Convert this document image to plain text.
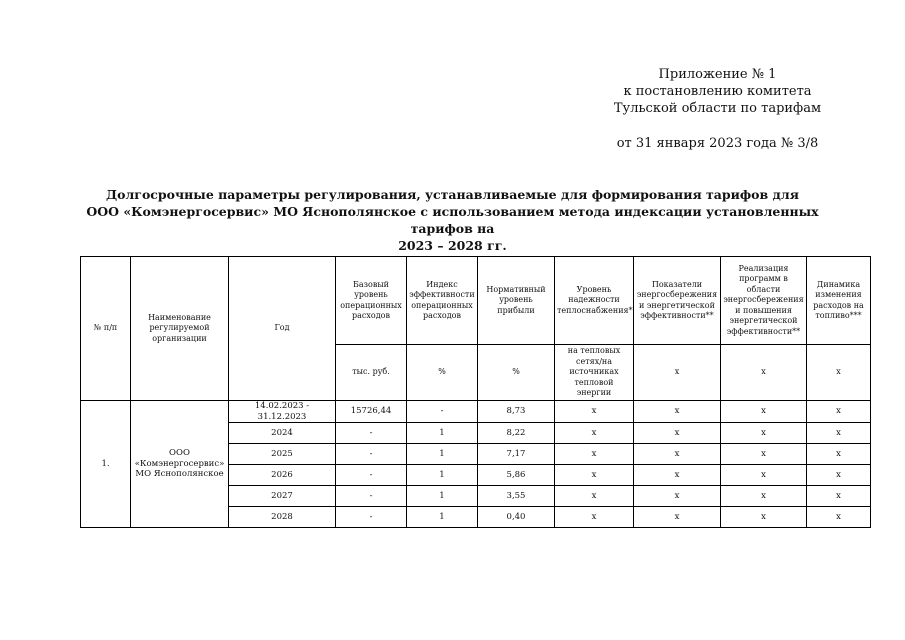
Приложение № 1
к постановлению комитета
Тульской области по тарифам
от 31 января 2023 года № 3/8
Долгосрочные параметры регулирования, устанавливаемые для формирования тарифов для
ООО «Комэнергосервис» МО Яснополянское с использованием метода индексации установленных тарифов на
2023 – 2028 гг.
№ п/п	Наименование регулируемой организации	Год	Базовый уровень операционных расходов	Индекс эффективности операционных расходов	Нормативный уровень прибыли	Уровень надежности теплоснабжения*	Показатели энергосбережения и энергетической эффективности**	Реализация программ в области энергосбережения и повышения энергетической эффективности**	Динамика изменения расходов на топливо***
			тыс. руб.	%	%	на тепловых сетях/на источниках тепловой энергии	х	х	х
1.	ООО «Комэнергосервис» МО Яснополянское	14.02.2023 - 31.12.2023	15726,44	-	8,73	х	х	х	х
		2024	-	1	8,22	х	х	х	х
		2025	-	1	7,17	х	х	х	х
		2026	-	1	5,86	х	х	х	х
		2027	-	1	3,55	х	х	х	х
		2028	-	1	0,40	х	х	х	х
